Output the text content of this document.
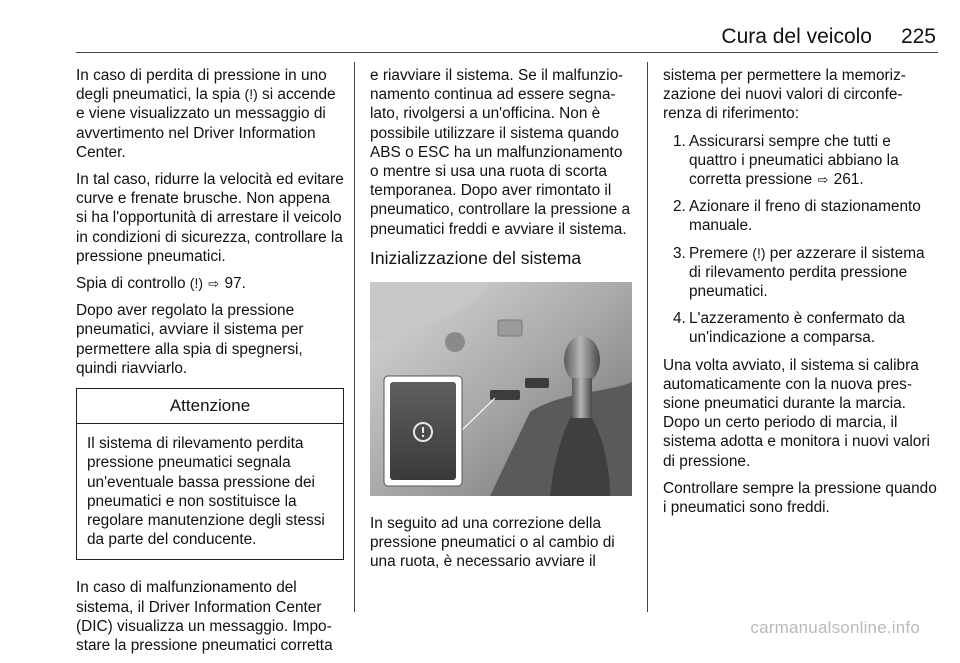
Cura del veicolo 225

In caso di perdita di pressione in uno degli pneumatici, la spia (!) si accende e viene visualizzato un messaggio di avvertimento nel Driver Information Center.

In tal caso, ridurre la velocità ed evitare curve e frenate brusche. Non appena si ha l'opportunità di arrestare il veicolo in condizioni di sicurezza, controllare la pressione pneumatici.

Spia di controllo (!) ⇨ 97.

Dopo aver regolato la pressione pneumatici, avviare il sistema per permettere alla spia di spegnersi, quindi riavviarlo.

Attenzione
Il sistema di rilevamento perdita pressione pneumatici segnala un'eventuale bassa pressione dei pneumatici e non sostituisce la regolare manutenzione degli stessi da parte del conducente.

In caso di malfunzionamento del sistema, il Driver Information Center (DIC) visualizza un messaggio. Impo-stare la pressione pneumatici corretta

e riavviare il sistema. Se il malfunzio-namento continua ad essere segna-lato, rivolgersi a un'officina. Non è possibile utilizzare il sistema quando ABS o ESC ha un malfunzionamento o mentre si usa una ruota di scorta temporanea. Dopo aver rimontato il pneumatico, controllare la pressione a pneumatici freddi e avviare il sistema.

Inizializzazione del sistema

In seguito ad una correzione della pressione pneumatici o al cambio di una ruota, è necessario avviare il

sistema per permettere la memoriz-zazione dei nuovi valori di circonfe-renza di riferimento:

1. Assicurarsi sempre che tutti e quattro i pneumatici abbiano la corretta pressione ⇨ 261.
2. Azionare il freno di stazionamento manuale.
3. Premere (!) per azzerare il sistema di rilevamento perdita pressione pneumatici.
4. L'azzeramento è confermato da un'indicazione a comparsa.

Una volta avviato, il sistema si calibra automaticamente con la nuova pres-sione pneumatici durante la marcia. Dopo un certo periodo di marcia, il sistema adotta e monitora i nuovi valori di pressione.

Controllare sempre la pressione quando i pneumatici sono freddi.

carmanualsonline.info
